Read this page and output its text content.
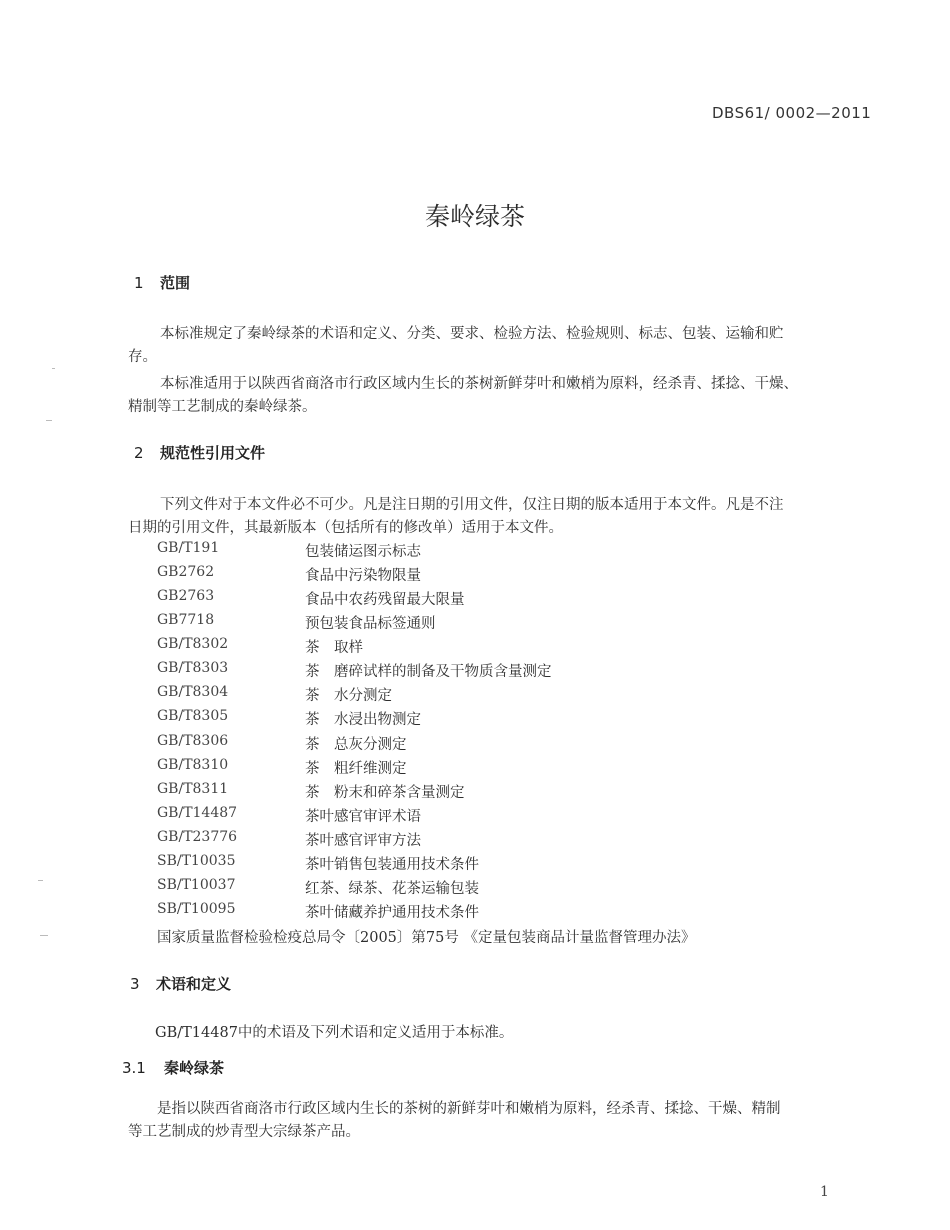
DBS61/ 0002—2011
秦岭绿茶
1 范围
本标准规定了秦岭绿茶的术语和定义、分类、要求、检验方法、检验规则、标志、包装、运输和贮
存。
本标准适用于以陕西省商洛市行政区域内生长的茶树新鲜芽叶和嫩梢为原料，经杀青、揉捻、干燥、
精制等工艺制成的秦岭绿茶。
2 规范性引用文件
下列文件对于本文件必不可少。凡是注日期的引用文件，仅注日期的版本适用于本文件。凡是不注
日期的引用文件，其最新版本（包括所有的修改单）适用于本文件。
GB/T191	包装储运图示标志
GB2762	食品中污染物限量
GB2763	食品中农药残留最大限量
GB7718	预包装食品标签通则
GB/T8302	茶　取样
GB/T8303	茶　磨碎试样的制备及干物质含量测定
GB/T8304	茶　水分测定
GB/T8305	茶　水浸出物测定
GB/T8306	茶　总灰分测定
GB/T8310	茶　粗纤维测定
GB/T8311	茶　粉末和碎茶含量测定
GB/T14487	茶叶感官审评术语
GB/T23776	茶叶感官评审方法
SB/T10035	茶叶销售包装通用技术条件
SB/T10037	红茶、绿茶、花茶运输包装
SB/T10095	茶叶储藏养护通用技术条件
国家质量监督检验检疫总局令〔2005〕第75号 《定量包装商品计量监督管理办法》
3 术语和定义
GB/T14487中的术语及下列术语和定义适用于本标准。
3.1 秦岭绿茶
是指以陕西省商洛市行政区域内生长的茶树的新鲜芽叶和嫩梢为原料，经杀青、揉捻、干燥、精制
等工艺制成的炒青型大宗绿茶产品。
1
